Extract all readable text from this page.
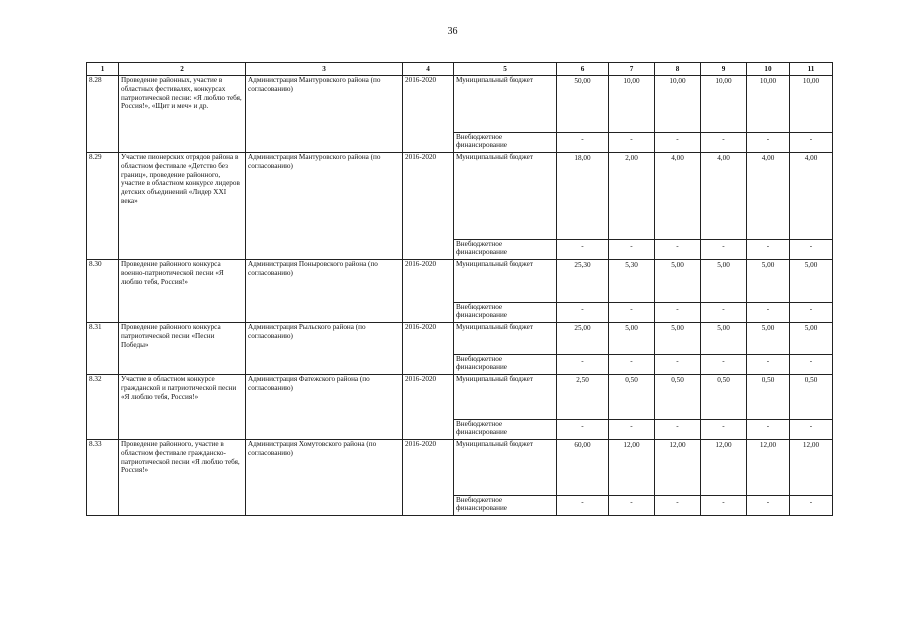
36
1	2	3	4	5	6	7	8	9	10	11
8.28	Проведение районных, участие в областных фестивалях, конкурсах патриотической песни: «Я люблю тебя, Россия!», «Щит и меч» и др.	Администрация Мантуровского района (по согласованию)	2016-2020	Муниципальный бюджет	50,00	10,00	10,00	10,00	10,00	10,00
				Внебюджетное финансирование	-	-	-	-	-	-
8.29	Участие пионерских отрядов района в областном фестивале «Детство без границ», проведение районного, участие в областном конкурсе лидеров детских объединений «Лидер XXI века»	Администрация Мантуровского района (по согласованию)	2016-2020	Муниципальный бюджет	18,00	2,00	4,00	4,00	4,00	4,00
				Внебюджетное финансирование	-	-	-	-	-	-
8.30	Проведение районного конкурса военно-патриотической песни «Я люблю тебя, Россия!»	Администрация Поныровского района (по согласованию)	2016-2020	Муниципальный бюджет	25,30	5,30	5,00	5,00	5,00	5,00
				Внебюджетное финансирование	-	-	-	-	-	-
8.31	Проведение районного конкурса патриотической песни «Песни Победы»	Администрация Рыльского района (по согласованию)	2016-2020	Муниципальный бюджет	25,00	5,00	5,00	5,00	5,00	5,00
				Внебюджетное финансирование	-	-	-	-	-	-
8.32	Участие в областном конкурсе гражданской и патриотической песни «Я люблю тебя, Россия!»	Администрация Фатежского района (по согласованию)	2016-2020	Муниципальный бюджет	2,50	0,50	0,50	0,50	0,50	0,50
				Внебюджетное финансирование	-	-	-	-	-	-
8.33	Проведение районного, участие в областном фестивале гражданско-патриотической песни «Я люблю тебя, Россия!»	Администрация Хомутовского района (по согласованию)	2016-2020	Муниципальный бюджет	60,00	12,00	12,00	12,00	12,00	12,00
				Внебюджетное финансирование	-	-	-	-	-	-
